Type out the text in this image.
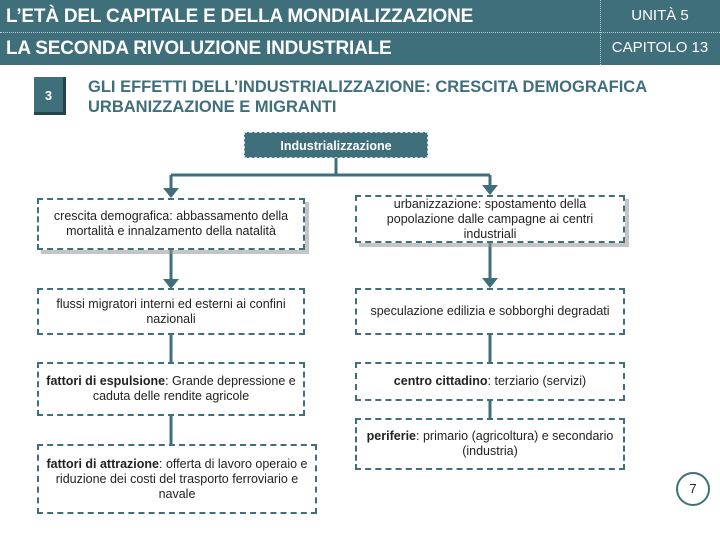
L’ETÀ DEL CAPITALE E DELLA MONDIALIZZAZIONE
LA SECONDA RIVOLUZIONE INDUSTRIALE
UNITÀ 5
CAPITOLO 13
3	GLI EFFETTI DELL’INDUSTRIALIZZAZIONE: CRESCITA DEMOGRAFICA URBANIZZAZIONE E MIGRANTI
Industrializzazione
crescita demografica: abbassamento della mortalità e innalzamento della natalità
flussi migratori interni ed esterni ai confini nazionali
fattori di espulsione: Grande depressione e caduta delle rendite agricole
fattori di attrazione: offerta di lavoro operaio e riduzione dei costi del trasporto ferroviario e navale
urbanizzazione: spostamento della popolazione dalle campagne ai centri industriali
speculazione edilizia e sobborghi degradati
centro cittadino: terziario (servizi)
periferie: primario (agricoltura) e secondario (industria)
7
